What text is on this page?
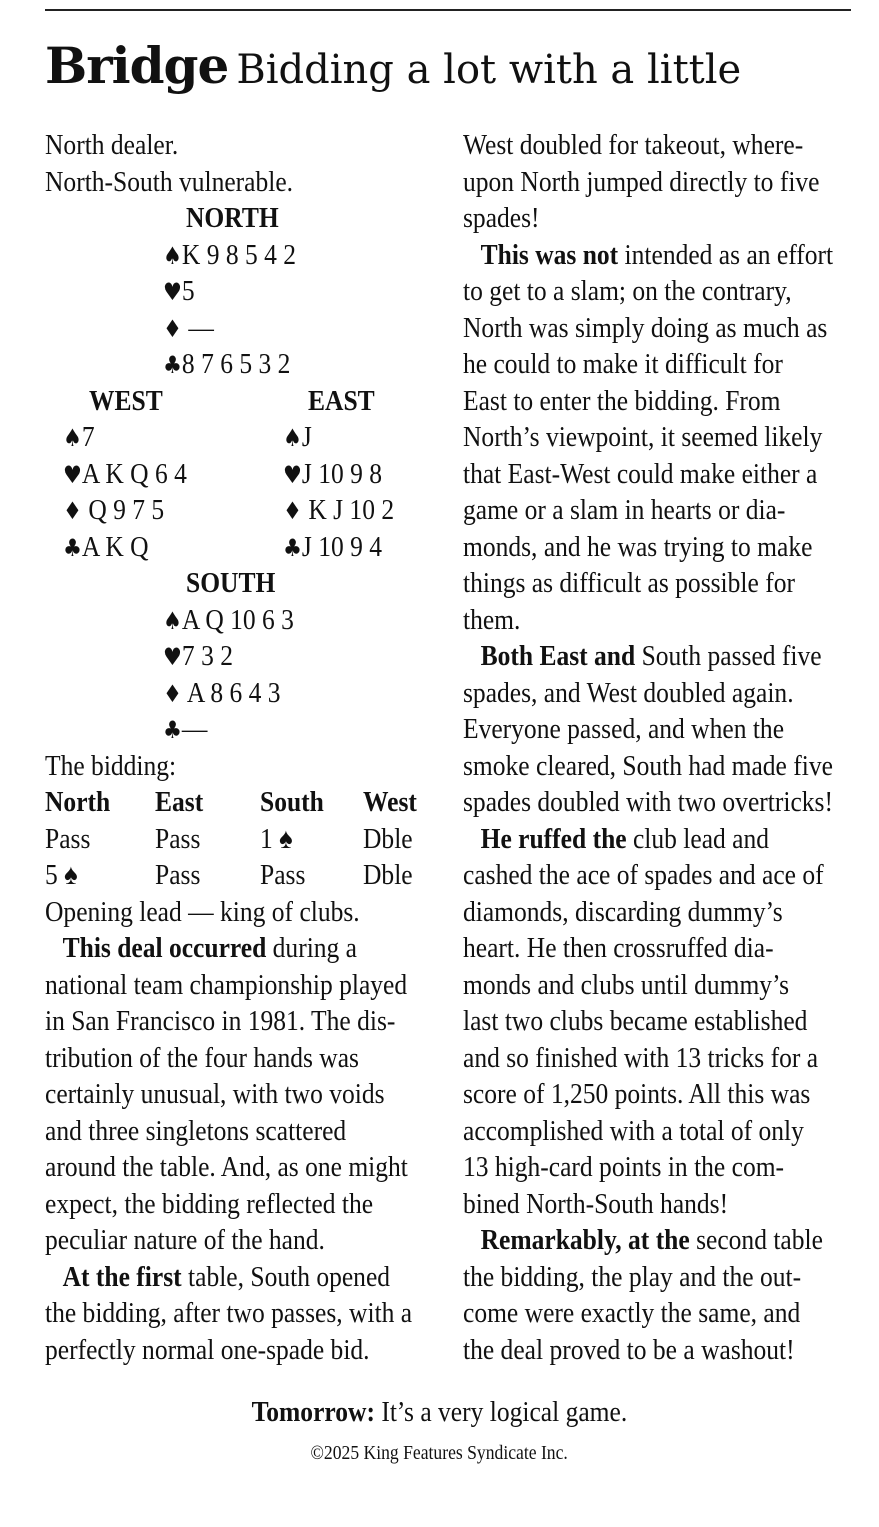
Bridge Bidding a lot with a little
North dealer.
North-South vulnerable.
NORTH
♠K 9 8 5 4 2
♥5
♦ —
♣8 7 6 5 3 2
WEST	EAST
♠7	♠J
♥A K Q 6 4	♥J 10 9 8
♦ Q 9 7 5	♦ K J 10 2
♣A K Q	♣J 10 9 4
SOUTH
♠A Q 10 6 3
♥7 3 2
♦ A 8 6 4 3
♣—
The bidding:
North East South West
Pass Pass 1 ♠ Dble
5 ♠	Pass Pass Dble
Opening lead — king of clubs.
This deal occurred during a
national team championship played
in San Francisco in 1981. The dis-
tribution of the four hands was
certainly unusual, with two voids
and three singletons scattered
around the table. And, as one might
expect, the bidding reflected the
peculiar nature of the hand.
At the first table, South opened
the bidding, after two passes, with a
perfectly normal one-spade bid.
West doubled for takeout, where-
upon North jumped directly to five
spades!
This was not intended as an effort
to get to a slam; on the contrary,
North was simply doing as much as
he could to make it difficult for
East to enter the bidding. From
North’s viewpoint, it seemed likely
that East-West could make either a
game or a slam in hearts or dia-
monds, and he was trying to make
things as difficult as possible for
them.
Both East and South passed five
spades, and West doubled again.
Everyone passed, and when the
smoke cleared, South had made five
spades doubled with two overtricks!
He ruffed the club lead and
cashed the ace of spades and ace of
diamonds, discarding dummy’s
heart. He then crossruffed dia-
monds and clubs until dummy’s
last two clubs became established
and so finished with 13 tricks for a
score of 1,250 points. All this was
accomplished with a total of only
13 high-card points in the com-
bined North-South hands!
Remarkably, at the second table
the bidding, the play and the out-
come were exactly the same, and
the deal proved to be a washout!
Tomorrow: It’s a very logical game.
©2025 King Features Syndicate Inc.
